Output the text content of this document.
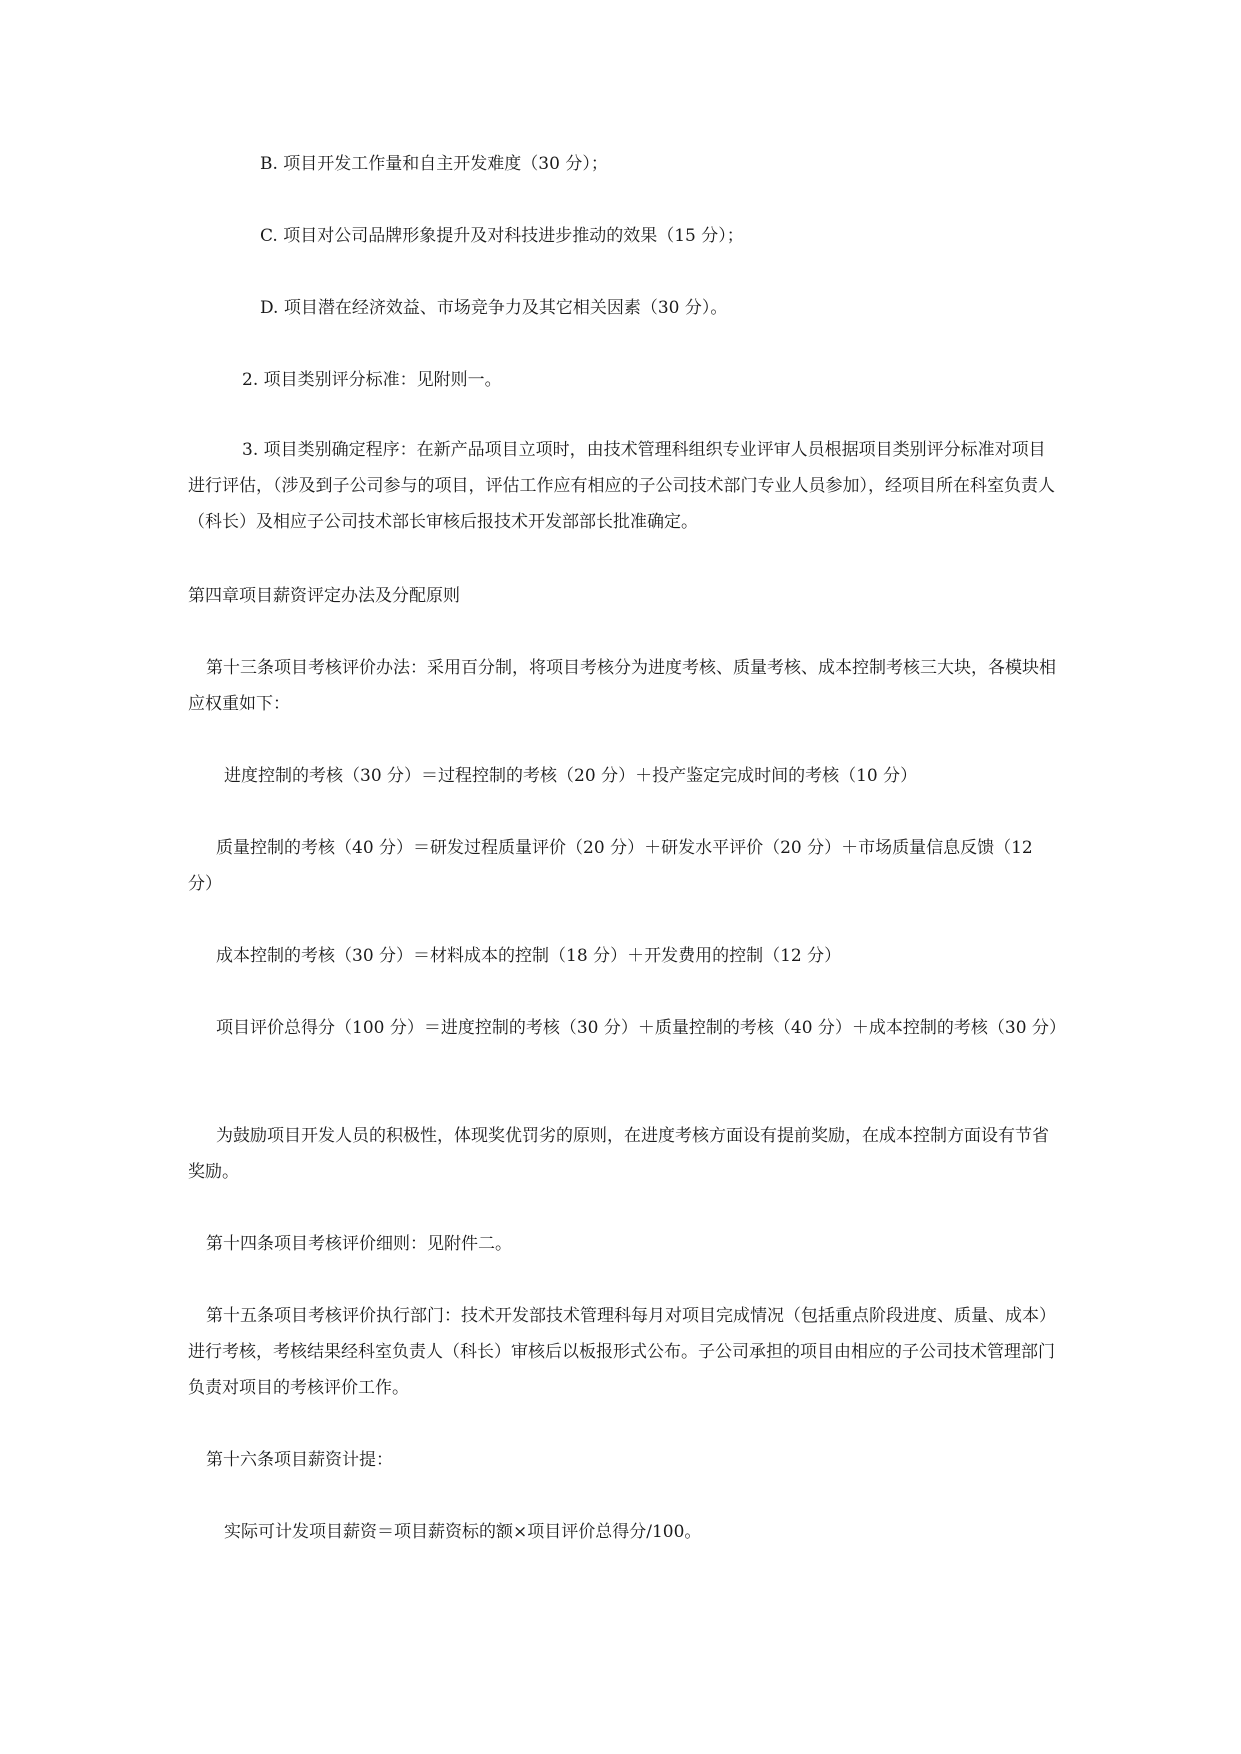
B. 项目开发工作量和自主开发难度（30 分）；

C. 项目对公司品牌形象提升及对科技进步推动的效果（15 分）；

D. 项目潜在经济效益、市场竞争力及其它相关因素（30 分）。

2. 项目类别评分标准：见附则一。

3. 项目类别确定程序：在新产品项目立项时，由技术管理科组织专业评审人员根据项目类别评分标准对项目进行评估，（涉及到子公司参与的项目，评估工作应有相应的子公司技术部门专业人员参加），经项目所在科室负责人（科长）及相应子公司技术部长审核后报技术开发部部长批准确定。

第四章项目薪资评定办法及分配原则

第十三条项目考核评价办法：采用百分制，将项目考核分为进度考核、质量考核、成本控制考核三大块，各模块相应权重如下：

进度控制的考核（30 分）＝过程控制的考核（20 分）＋投产鉴定完成时间的考核（10 分）

质量控制的考核（40 分）＝研发过程质量评价（20 分）＋研发水平评价（20 分）＋市场质量信息反馈（12 分）

成本控制的考核（30 分）＝材料成本的控制（18 分）＋开发费用的控制（12 分）

项目评价总得分（100 分）＝进度控制的考核（30 分）＋质量控制的考核（40 分）＋成本控制的考核（30 分）

为鼓励项目开发人员的积极性，体现奖优罚劣的原则，在进度考核方面设有提前奖励，在成本控制方面设有节省奖励。

第十四条项目考核评价细则：见附件二。

第十五条项目考核评价执行部门：技术开发部技术管理科每月对项目完成情况（包括重点阶段进度、质量、成本）进行考核，考核结果经科室负责人（科长）审核后以板报形式公布。子公司承担的项目由相应的子公司技术管理部门负责对项目的考核评价工作。

第十六条项目薪资计提：

实际可计发项目薪资＝项目薪资标的额×项目评价总得分/100。
